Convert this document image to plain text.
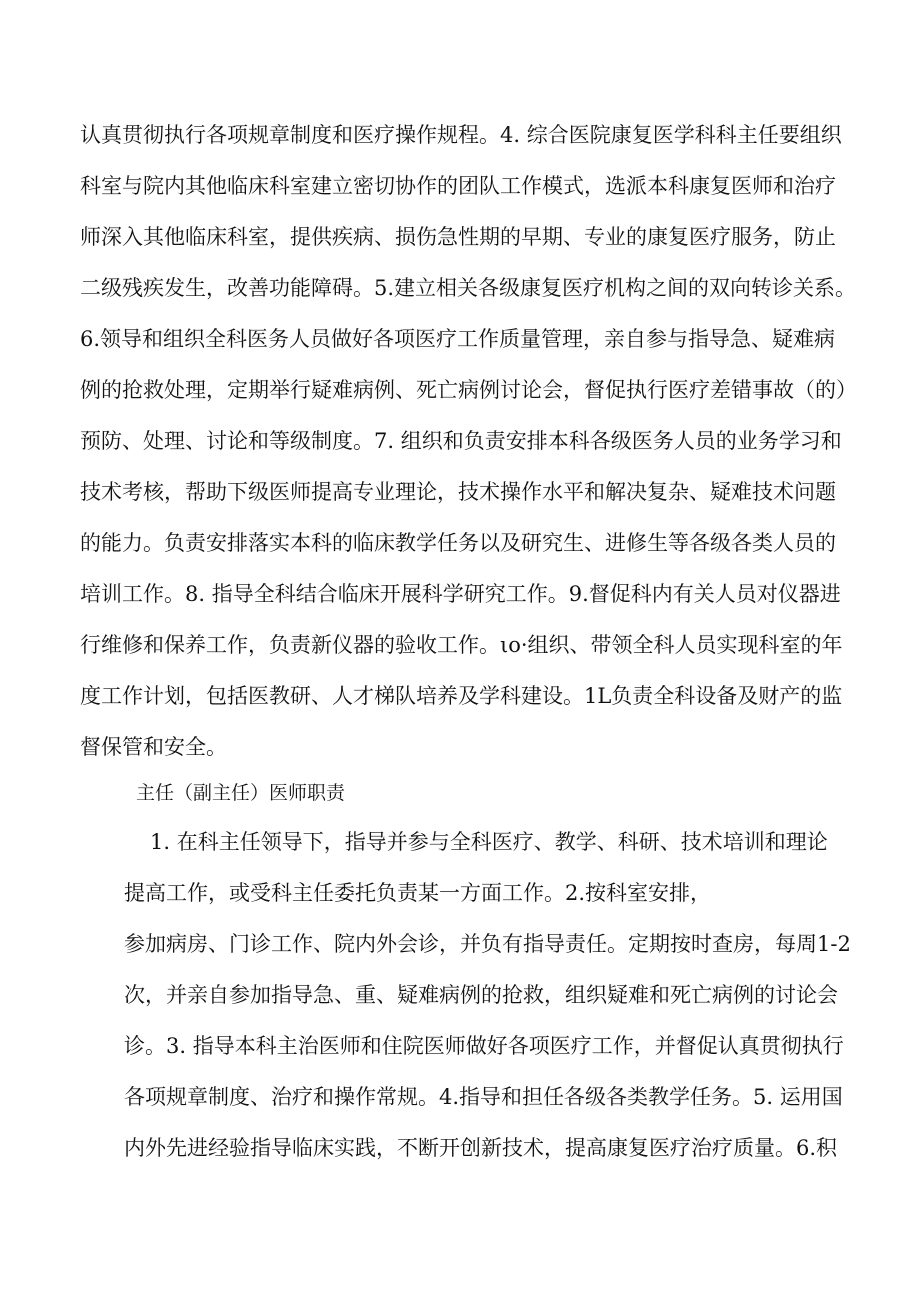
认真贯彻执行各项规章制度和医疗操作规程。4. 综合医院康复医学科科主任要组织
科室与院内其他临床科室建立密切协作的团队工作模式，选派本科康复医师和治疗
师深入其他临床科室，提供疾病、损伤急性期的早期、专业的康复医疗服务，防止
二级残疾发生，改善功能障碍。5.建立相关各级康复医疗机构之间的双向转诊关系。
6.领导和组织全科医务人员做好各项医疗工作质量管理，亲自参与指导急、疑难病
例的抢救处理，定期举行疑难病例、死亡病例讨论会，督促执行医疗差错事故（的）
预防、处理、讨论和等级制度。7. 组织和负责安排本科各级医务人员的业务学习和
技术考核，帮助下级医师提高专业理论，技术操作水平和解决复杂、疑难技术问题
的能力。负责安排落实本科的临床教学任务以及研究生、进修生等各级各类人员的
培训工作。8. 指导全科结合临床开展科学研究工作。9.督促科内有关人员对仪器进
行维修和保养工作，负责新仪器的验收工作。ιo·组织、带领全科人员实现科室的年
度工作计划，包括医教研、人才梯队培养及学科建设。1L负责全科设备及财产的监
督保管和安全。
主任（副主任）医师职责
1. 在科主任领导下，指导并参与全科医疗、教学、科研、技术培训和理论
提高工作，或受科主任委托负责某一方面工作。2.按科室安排，
参加病房、门诊工作、院内外会诊，并负有指导责任。定期按时查房，每周1-2
次，并亲自参加指导急、重、疑难病例的抢救，组织疑难和死亡病例的讨论会
诊。3. 指导本科主治医师和住院医师做好各项医疗工作，并督促认真贯彻执行
各项规章制度、治疗和操作常规。4.指导和担任各级各类教学任务。5. 运用国
内外先进经验指导临床实践，不断开创新技术，提高康复医疗治疗质量。6.积
